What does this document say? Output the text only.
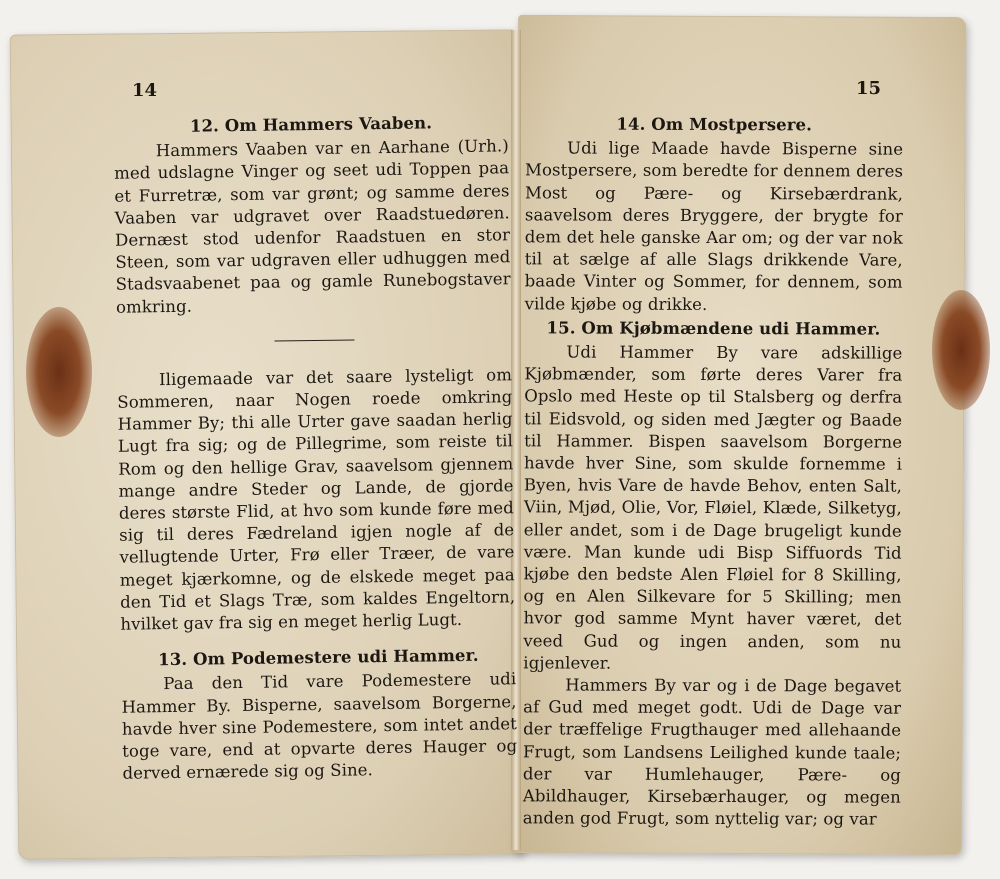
14	15

12. Om Hammers Vaaben.

Hammers Vaaben var en Aarhane (Urh.) med udslagne Vinger og seet udi Toppen paa et Furretræ, som var grønt; og samme deres Vaaben var udgravet over Raadstuedøren. Dernæst stod udenfor Raadstuen en stor Steen, som var udgraven eller udhuggen med Stadsvaabenet paa og gamle Runebogstaver omkring.

Iligemaade var det saare lysteligt om Sommeren, naar Nogen roede omkring Hammer By; thi alle Urter gave saadan herlig Lugt fra sig; og de Pillegrime, som reiste til Rom og den hellige Grav, saavelsom gjennem mange andre Steder og Lande, de gjorde deres største Flid, at hvo som kunde føre med sig til deres Fædreland igjen nogle af de vellugtende Urter, Frø eller Træer, de vare meget kjærkomne, og de elskede meget paa den Tid et Slags Træ, som kaldes Engeltorn, hvilket gav fra sig en meget herlig Lugt.

13. Om Podemestere udi Hammer.

Paa den Tid vare Podemestere udi Hammer By. Bisperne, saavelsom Borgerne, havde hver sine Podemestere, som intet andet toge vare, end at opvarte deres Hauger og derved ernærede sig og Sine.

14. Om Mostpersere.

Udi lige Maade havde Bisperne sine Mostpersere, som beredte for dennem deres Most og Pære- og Kirsebærdrank, saavelsom deres Bryggere, der brygte for dem det hele ganske Aar om; og der var nok til at sælge af alle Slags drikkende Vare, baade Vinter og Sommer, for dennem, som vilde kjøbe og drikke.

15. Om Kjøbmændene udi Hammer.

Udi Hammer By vare adskillige Kjøbmænder, som førte deres Varer fra Opslo med Heste op til Stalsberg og derfra til Eidsvold, og siden med Jægter og Baade til Hammer. Bispen saavelsom Borgerne havde hver Sine, som skulde fornemme i Byen, hvis Vare de havde Behov, enten Salt, Viin, Mjød, Olie, Vor, Fløiel, Klæde, Silketyg, eller andet, som i de Dage brugeligt kunde være. Man kunde udi Bisp Siffuords Tid kjøbe den bedste Alen Fløiel for 8 Skilling, og en Alen Silkevare for 5 Skilling; men hvor god samme Mynt haver været, det veed Gud og ingen anden, som nu igjenlever.

Hammers By var og i de Dage begavet af Gud med meget godt. Udi de Dage var der træffelige Frugthauger med allehaande Frugt, som Landsens Leilighed kunde taale; der var Humlehauger, Pære- og Abildhauger, Kirsebærhauger, og megen anden god Frugt, som nyttelig var; og var
